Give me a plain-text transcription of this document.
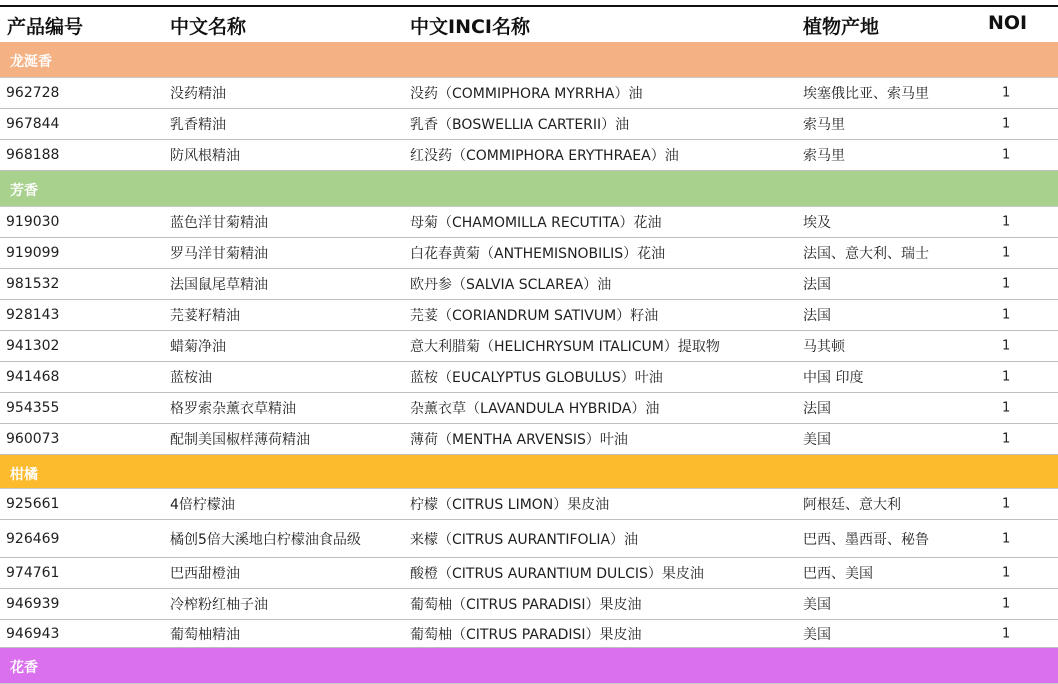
产品编号	中文名称	中文INCI名称	植物产地	NOI
龙涎香
962728	没药精油	没药（COMMIPHORA MYRRHA）油	埃塞俄比亚、索马里	1
967844	乳香精油	乳香（BOSWELLIA CARTERII）油	索马里	1
968188	防风根精油	红没药（COMMIPHORA ERYTHRAEA）油	索马里	1
芳香
919030	蓝色洋甘菊精油	母菊（CHAMOMILLA RECUTITA）花油	埃及	1
919099	罗马洋甘菊精油	白花春黄菊（ANTHEMISNOBILIS）花油	法国、意大利、瑞士	1
981532	法国鼠尾草精油	欧丹参（SALVIA SCLAREA）油	法国	1
928143	芫荽籽精油	芫荽（CORIANDRUM SATIVUM）籽油	法国	1
941302	蜡菊净油	意大利腊菊（HELICHRYSUM ITALICUM）提取物	马其顿	1
941468	蓝桉油	蓝桉（EUCALYPTUS GLOBULUS）叶油	中国 印度	1
954355	格罗索杂薰衣草精油	杂薰衣草（LAVANDULA HYBRIDA）油	法国	1
960073	配制美国椒样薄荷精油	薄荷（MENTHA ARVENSIS）叶油	美国	1
柑橘
925661	4倍柠檬油	柠檬（CITRUS LIMON）果皮油	阿根廷、意大利	1
926469	橘创5倍大溪地白柠檬油食品级	来檬（CITRUS AURANTIFOLIA）油	巴西、墨西哥、秘鲁	1
974761	巴西甜橙油	酸橙（CITRUS AURANTIUM DULCIS）果皮油	巴西、美国	1
946939	冷榨粉红柚子油	葡萄柚（CITRUS PARADISI）果皮油	美国	1
946943	葡萄柚精油	葡萄柚（CITRUS PARADISI）果皮油	美国	1
花香
